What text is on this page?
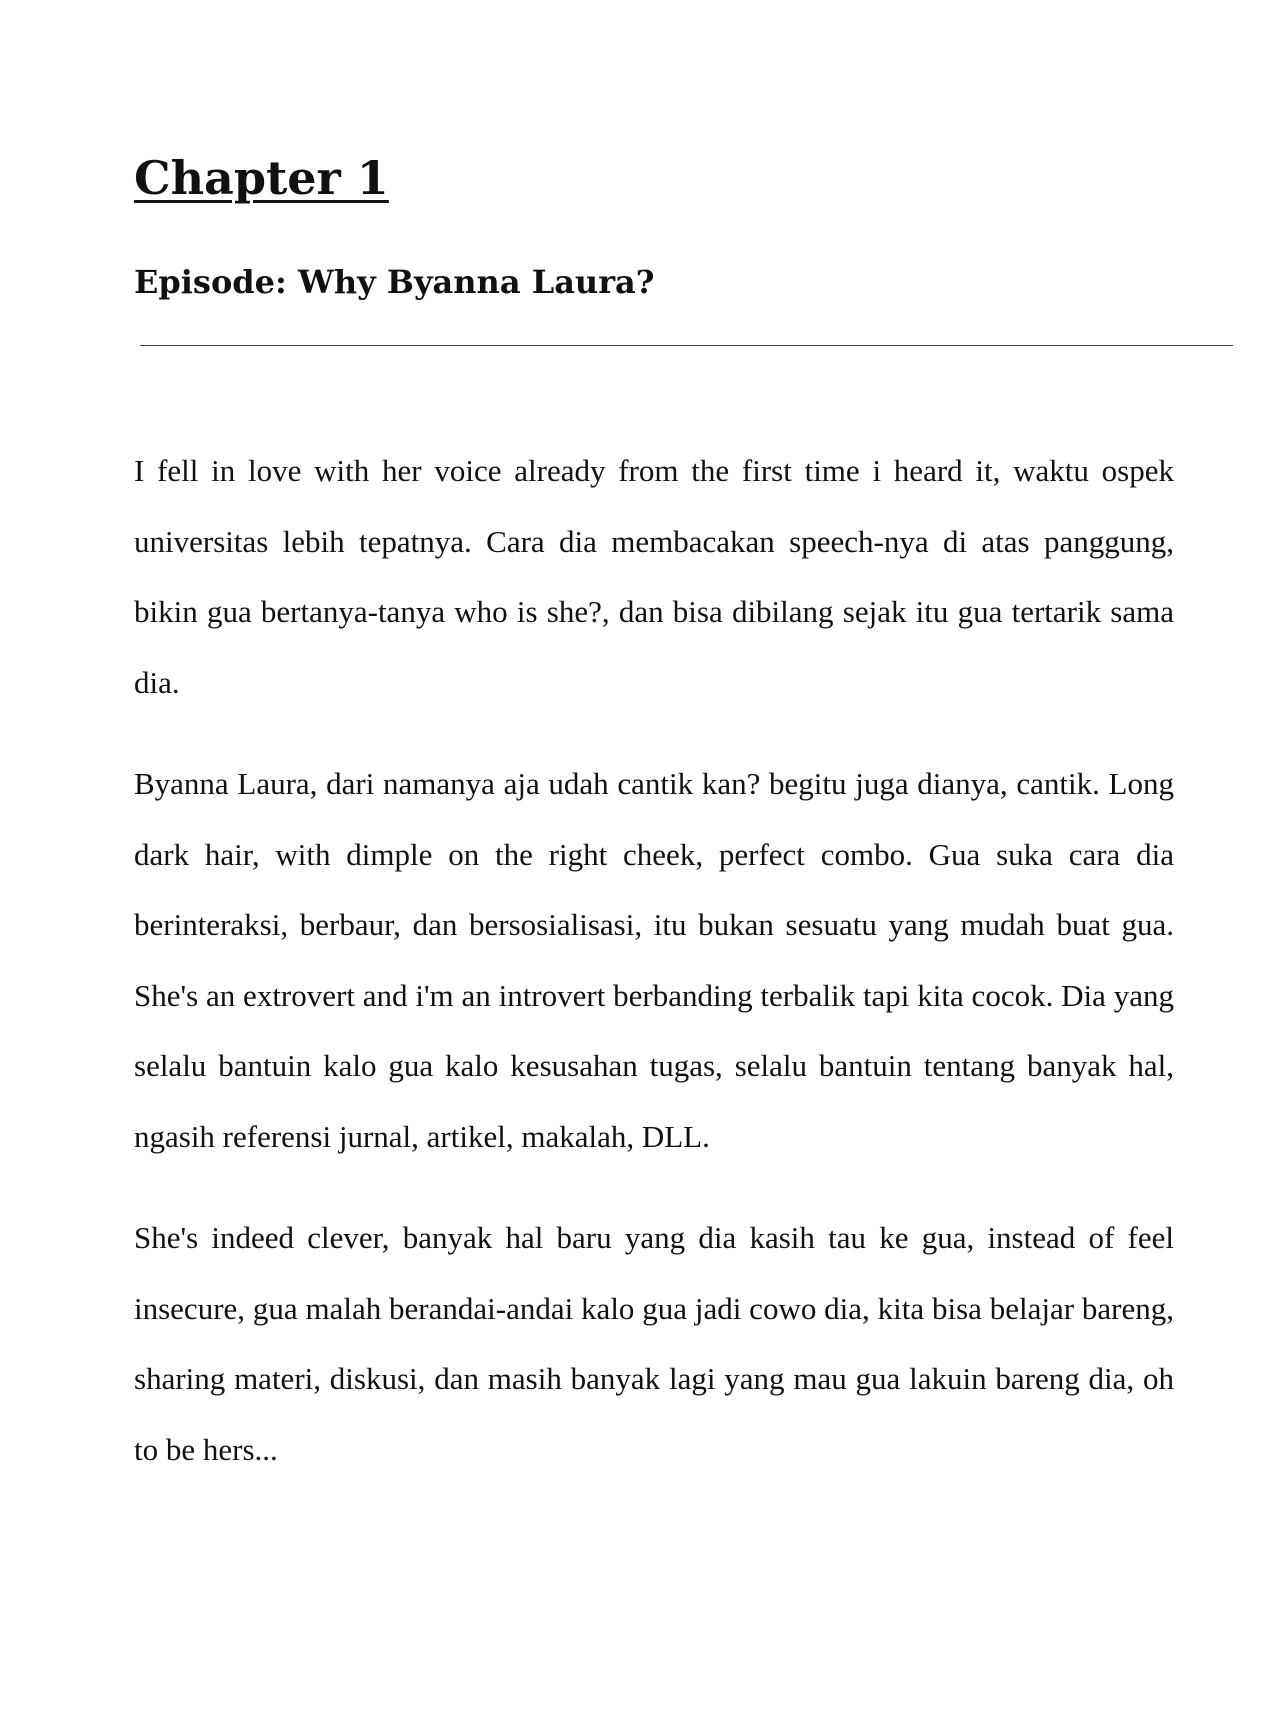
Chapter 1
Episode: Why Byanna Laura?

I fell in love with her voice already from the first time i heard it, waktu ospek universitas lebih tepatnya. Cara dia membacakan speech-nya di atas panggung, bikin gua bertanya-tanya who is she?, dan bisa dibilang sejak itu gua tertarik sama dia.

Byanna Laura, dari namanya aja udah cantik kan? begitu juga dianya, cantik. Long dark hair, with dimple on the right cheek, perfect combo. Gua suka cara dia berinteraksi, berbaur, dan bersosialisasi, itu bukan sesuatu yang mudah buat gua. She's an extrovert and i'm an introvert berbanding terbalik tapi kita cocok. Dia yang selalu bantuin kalo gua kalo kesusahan tugas, selalu bantuin tentang banyak hal, ngasih referensi jurnal, artikel, makalah, DLL.

She's indeed clever, banyak hal baru yang dia kasih tau ke gua, instead of feel insecure, gua malah berandai-andai kalo gua jadi cowo dia, kita bisa belajar bareng, sharing materi, diskusi, dan masih banyak lagi yang mau gua lakuin bareng dia, oh to be hers...
